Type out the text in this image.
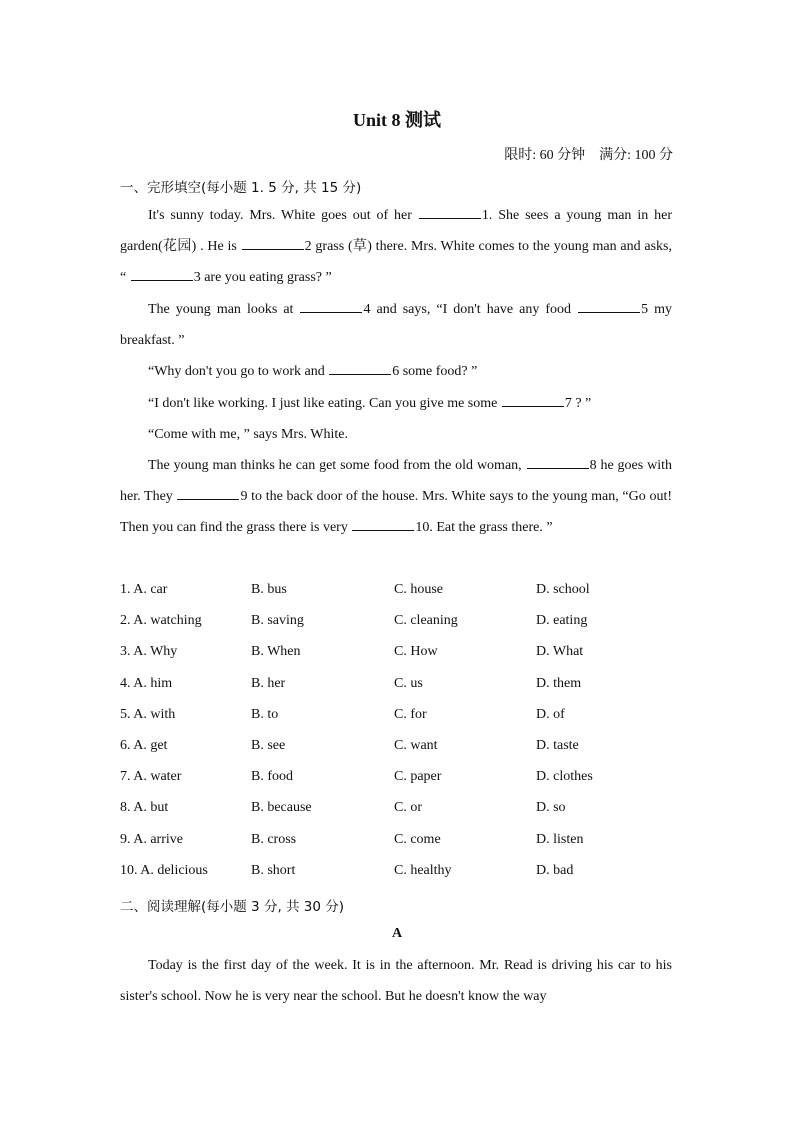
Unit 8 测试
限时: 60 分钟 满分: 100 分
一、完形填空(每小题 1. 5 分, 共 15 分)
It's sunny today. Mrs. White goes out of her	1. She sees a young man in her garden(花园) . He is	2 grass (草) there. Mrs. White comes to the young man and asks, “	3 are you eating grass? ”
The young man looks at	4 and says, “I don't have any food	5 my breakfast. ”
“Why don't you go to work and	6 some food? ”
“I don't like working. I just like eating. Can you give me some	7 ? ”
“Come with me, ” says Mrs. White.
The young man thinks he can get some food from the old woman,	8 he goes with her. They	9 to the back door of the house. Mrs. White says to the young man, “Go out! Then you can find the grass there is very	10. Eat the grass there. ”
1. A. car	B. bus	C. house	D. school
2. A. watching	B. saving	C. cleaning	D. eating
3. A. Why	B. When	C. How	D. What
4. A. him	B. her	C. us	D. them
5. A. with	B. to	C. for	D. of
6. A. get	B. see	C. want	D. taste
7. A. water	B. food	C. paper	D. clothes
8. A. but	B. because	C. or	D. so
9. A. arrive	B. cross	C. come	D. listen
10. A. delicious	B. short	C. healthy	D. bad
二、阅读理解(每小题 3 分, 共 30 分)
A
Today is the first day of the week. It is in the afternoon. Mr. Read is driving his car to his sister's school. Now he is very near the school. But he doesn't know the way
